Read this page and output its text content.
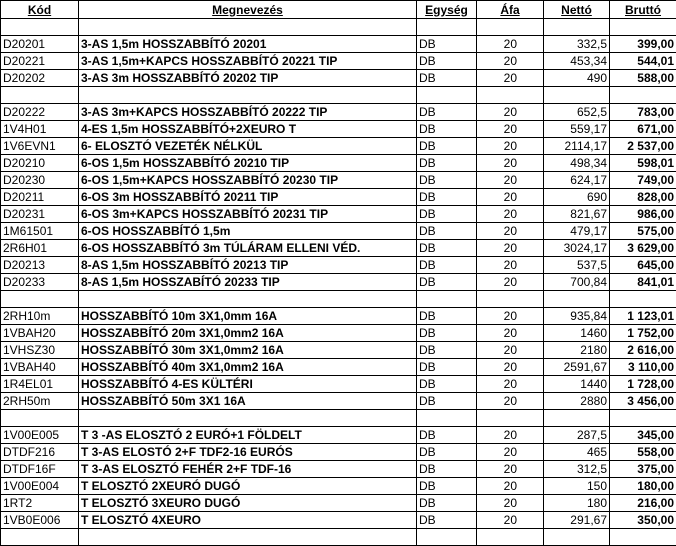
Kód	Megnevezés	Egység	Áfa	Nettó	Bruttó

D20201	3-AS 1,5m HOSSZABBÍTÓ 20201	DB	20	332,5	399,00
D20221	3-AS 1,5m+KAPCS HOSSZABBÍTÓ 20221 TIP	DB	20	453,34	544,01
D20202	3-AS 3m HOSSZABBÍTÓ 20202 TIP	DB	20	490	588,00

D20222	3-AS 3m+KAPCS HOSSZABBÍTÓ 20222 TIP	DB	20	652,5	783,00
1V4H01	4-ES 1,5m HOSSZABBÍTÓ+2XEURO T	DB	20	559,17	671,00
1V6EVN1	6- ELOSZTÓ VEZETÉK NÉLKÜL	DB	20	2114,17	2 537,00
D20210	6-OS 1,5m HOSSZABBÍTÓ 20210 TIP	DB	20	498,34	598,01
D20230	6-OS 1,5m+KAPCS HOSSZABBÍTÓ 20230 TIP	DB	20	624,17	749,00
D20211	6-OS 3m HOSSZABBÍTÓ 20211 TIP	DB	20	690	828,00
D20231	6-OS 3m+KAPCS HOSSZABBÍTÓ 20231 TIP	DB	20	821,67	986,00
1M61501	6-OS HOSSZABBÍTÓ 1,5m	DB	20	479,17	575,00
2R6H01	6-OS HOSSZABBÍTÓ 3m TÚLÁRAM ELLENI VÉD.	DB	20	3024,17	3 629,00
D20213	8-AS 1,5m HOSSZABBÍTÓ 20213 TIP	DB	20	537,5	645,00
D20233	8-AS 1,5m HOSSZABÍTÓ 20233 TIP	DB	20	700,84	841,01

2RH10m	HOSSZABBÍTÓ 10m 3X1,0mm 16A	DB	20	935,84	1 123,01
1VBAH20	HOSSZABBÍTÓ 20m 3X1,0mm2 16A	DB	20	1460	1 752,00
1VHSZ30	HOSSZABBÍTÓ 30m 3X1,0mm2 16A	DB	20	2180	2 616,00
1VBAH40	HOSSZABBÍTÓ 40m 3X1,0mm2 16A	DB	20	2591,67	3 110,00
1R4EL01	HOSSZABBÍTÓ 4-ES KÜLTÉRI	DB	20	1440	1 728,00
2RH50m	HOSSZABBÍTÓ 50m 3X1 16A	DB	20	2880	3 456,00

1V00E005	T 3 -AS ELOSZTÓ 2 EURÓ+1 FÖLDELT	DB	20	287,5	345,00
DTDF216	T 3-AS ELOSTÓ 2+F TDF2-16 EURÓS	DB	20	465	558,00
DTDF16F	T 3-AS ELOSZTÓ FEHÉR 2+F TDF-16	DB	20	312,5	375,00
1V00E004	T ELOSZTÓ 2XEURÓ DUGÓ	DB	20	150	180,00
1RT2	T ELOSZTÓ 3XEURO DUGÓ	DB	20	180	216,00
1VB0E006	T ELOSZTÓ 4XEURO	DB	20	291,67	350,00
